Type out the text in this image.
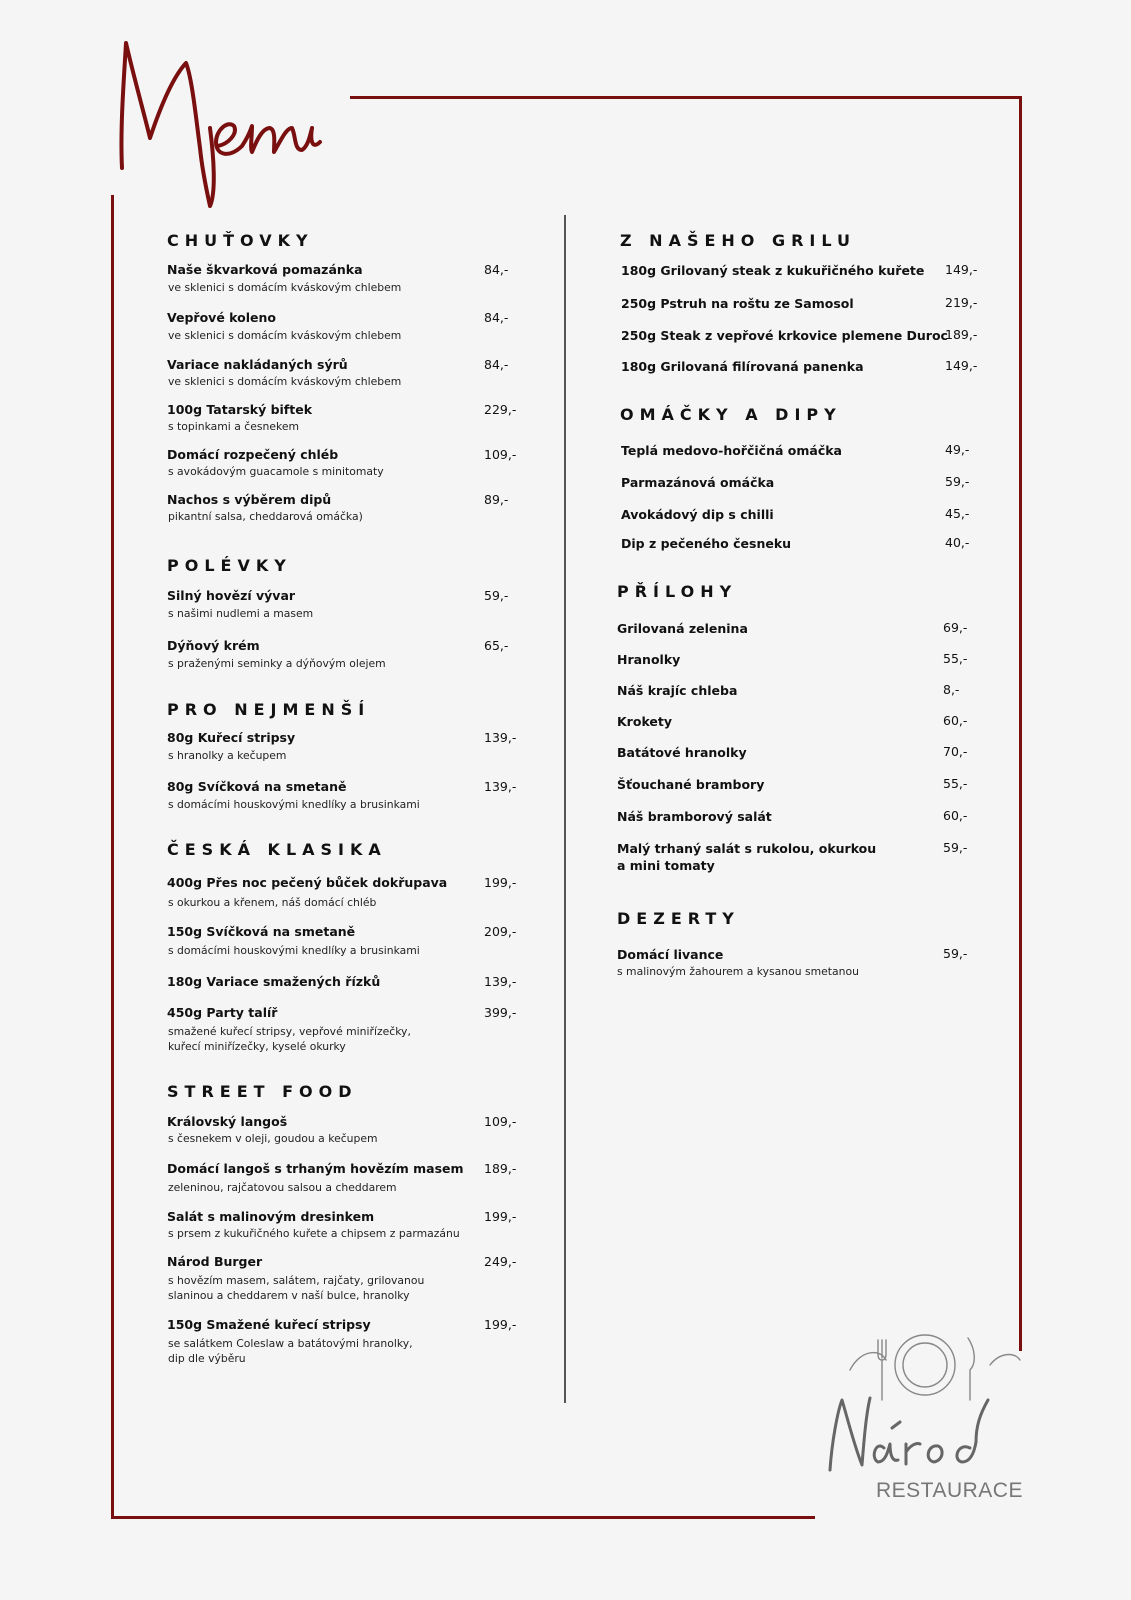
RESTAURACE
CHUŤOVKY
Naše škvarková pomazánka	84,-
ve sklenici s domácím kváskovým chlebem
Vepřové koleno	84,-
ve sklenici s domácím kváskovým chlebem
Variace nakládaných sýrů	84,-
ve sklenici s domácím kváskovým chlebem
100g Tatarský biftek	229,-
s topinkami a česnekem
Domácí rozpečený chléb	109,-
s avokádovým guacamole s minitomaty
Nachos s výběrem dipů	89,-
pikantní salsa, cheddarová omáčka)
POLÉVKY
Silný hovězí vývar	59,-
s našimi nudlemi a masem
Dýňový krém	65,-
s praženými seminky a dýňovým olejem
PRO NEJMENŠÍ
80g Kuřecí stripsy	139,-
s hranolky a kečupem
80g Svíčková na smetaně	139,-
s domácími houskovými knedlíky a brusinkami
ČESKÁ KLASIKA
400g Přes noc pečený bůček dokřupava	199,-
s okurkou a křenem, náš domácí chléb
150g Svíčková na smetaně	209,-
s domácími houskovými knedlíky a brusinkami
180g Variace smažených řízků	139,-
450g Party talíř	399,-
smažené kuřecí stripsy, vepřové miniřízečky,
kuřecí miniřízečky, kyselé okurky
STREET FOOD
Královský langoš	109,-
s česnekem v oleji, goudou a kečupem
Domácí langoš s trhaným hovězím masem 189,-
zeleninou, rajčatovou salsou a cheddarem
Salát s malinovým dresinkem	199,-
s prsem z kukuřičného kuřete a chipsem z parmazánu
Národ Burger	249,-
s hovězím masem, salátem, rajčaty, grilovanou
slaninou a cheddarem v naší bulce, hranolky
150g Smažené kuřecí stripsy	199,-
se salátkem Coleslaw a batátovými hranolky,
dip dle výběru
Z NAŠEHO GRILU
180g Grilovaný steak z kukuřičného kuřete 149,-
250g Pstruh na roštu ze Samosol	219,-
250g Steak z vepřové krkovice plemene Duroc
189,-
180g Grilovaná filírovaná panenka	149,-
OMÁČKY A DIPY
Teplá medovo-hořčičná omáčka	49,-
Parmazánová omáčka	59,-
Avokádový dip s chilli	45,-
Dip z pečeného česneku	40,-
PŘÍLOHY
Grilovaná zelenina	69,-
Hranolky	55,-
Náš krajíc chleba	8,-
Krokety	60,-
Batátové hranolky	70,-
Šťouchané brambory	55,-
Náš bramborový salát	60,-
Malý trhaný salát s rukolou, okurkou
a mini tomaty
59,-
DEZERTY
Domácí livance	59,-
s malinovým žahourem a kysanou smetanou
